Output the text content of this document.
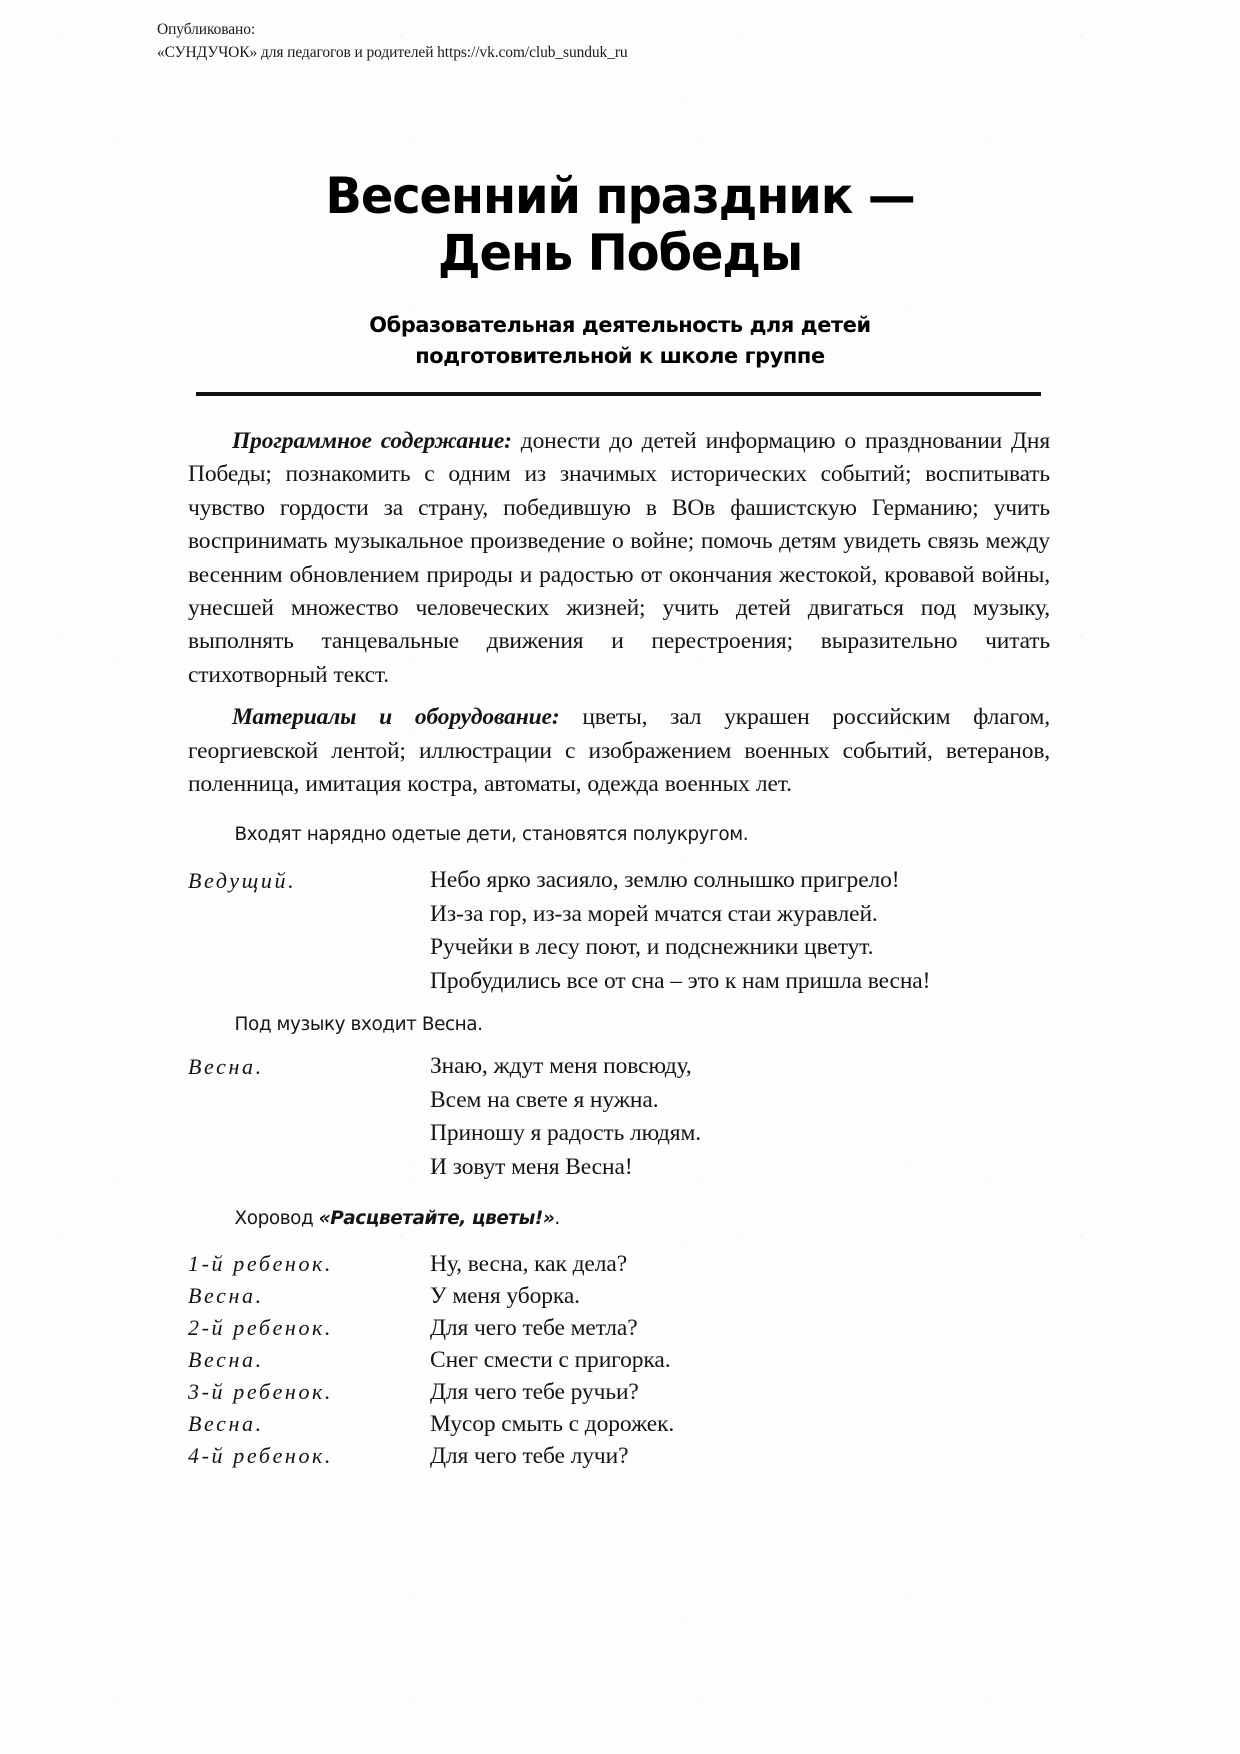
Опубликовано:
«СУНДУЧОК» для педагогов и родителей https://vk.com/club_sunduk_ru
Весенний праздник —
День Победы
Образовательная деятельность для детей
подготовительной к школе группе

Программное содержание: донести до детей информацию о праздновании Дня Победы; познакомить с одним из значимых исторических событий; воспитывать чувство гордости за страну, победившую в ВОв фашистскую Германию; учить воспринимать музыкальное произведение о войне; помочь детям увидеть связь между весенним обновлением природы и радостью от окончания жестокой, кровавой войны, унесшей множество человеческих жизней; учить детей двигаться под музыку, выполнять танцевальные движения и перестроения; выразительно читать стихотворный текст.

Материалы и оборудование: цветы, зал украшен российским флагом, георгиевской лентой; иллюстрации с изображением военных событий, ветеранов, поленница, имитация костра, автоматы, одежда военных лет.

Входят нарядно одетые дети, становятся полукругом.

Ведущий.	Небо ярко засияло, землю солнышко пригрело!
Из-за гор, из-за морей мчатся стаи журавлей.
Ручейки в лесу поют, и подснежники цветут.
Пробудились все от сна – это к нам пришла весна!

Под музыку входит Весна.

Весна.	Знаю, ждут меня повсюду,
Всем на свете я нужна.
Приношу я радость людям.
И зовут меня Весна!

Хоровод «Расцветайте, цветы!».

1-й ребенок.	Ну, весна, как дела?
Весна.	У меня уборка.
2-й ребенок.	Для чего тебе метла?
Весна.	Снег смести с пригорка.
3-й ребенок.	Для чего тебе ручьи?
Весна.	Мусор смыть с дорожек.
4-й ребенок.	Для чего тебе лучи?
